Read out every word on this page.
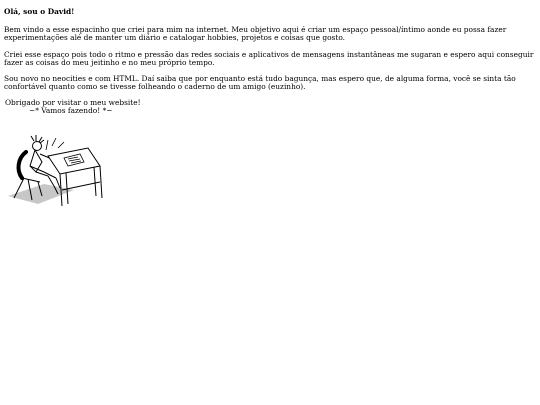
Olá, sou o David!

Bem vindo a esse espacinho que criei para mim na internet. Meu objetivo aqui é criar um espaço pessoal/íntimo aonde eu possa fazer experimentações alé de manter um diário e catalogar hobbies, projetos e coisas que gosto.

Criei esse espaço pois todo o ritmo e pressão das redes sociais e aplicativos de mensagens instantâneas me sugaran e espero aqui conseguir fazer as coisas do meu jeitinho e no meu próprio tempo.

Sou novo no neocities e com HTML. Daí saiba que por enquanto está tudo bagunça, mas espero que, de alguma forma, você se sinta tão confortável quanto como se tivesse folheando o caderno de um amigo (euzinho).

Obrigado por visitar o meu website!
~* Vamos fazendo! *~
